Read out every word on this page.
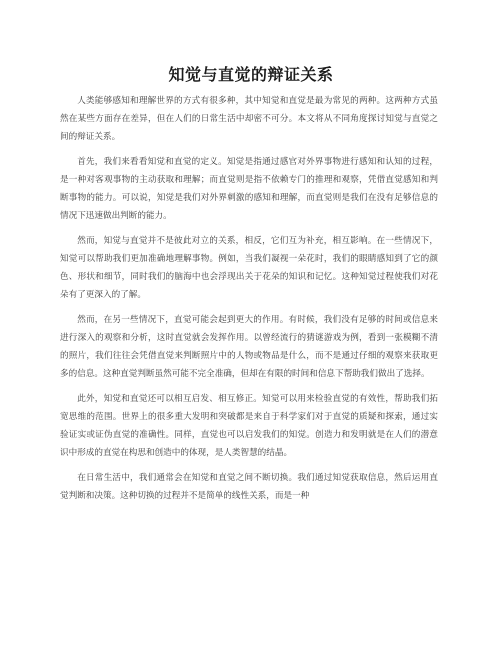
知觉与直觉的辩证关系

人类能够感知和理解世界的方式有很多种，其中知觉和直觉是最为常见的两种。这两种方式虽然在某些方面存在差异，但在人们的日常生活中却密不可分。本文将从不同角度探讨知觉与直觉之间的辩证关系。

首先，我们来看看知觉和直觉的定义。知觉是指通过感官对外界事物进行感知和认知的过程，是一种对客观事物的主动获取和理解；而直觉则是指不依赖专门的推理和观察，凭借直觉感知和判断事物的能力。可以说，知觉是我们对外界刺激的感知和理解，而直觉则是我们在没有足够信息的情况下迅速做出判断的能力。

然而，知觉与直觉并不是彼此对立的关系，相反，它们互为补充，相互影响。在一些情况下，知觉可以帮助我们更加准确地理解事物。例如，当我们凝视一朵花时，我们的眼睛感知到了它的颜色、形状和细节，同时我们的脑海中也会浮现出关于花朵的知识和记忆。这种知觉过程使我们对花朵有了更深入的了解。

然而，在另一些情况下，直觉可能会起到更大的作用。有时候，我们没有足够的时间或信息来进行深入的观察和分析，这时直觉就会发挥作用。以曾经流行的猜谜游戏为例，看到一张模糊不清的照片，我们往往会凭借直觉来判断照片中的人物或物品是什么，而不是通过仔细的观察来获取更多的信息。这种直觉判断虽然可能不完全准确，但却在有限的时间和信息下帮助我们做出了选择。

此外，知觉和直觉还可以相互启发、相互修正。知觉可以用来检验直觉的有效性，帮助我们拓宽思维的范围。世界上的很多重大发明和突破都是来自于科学家们对于直觉的质疑和探索，通过实验证实或证伪直觉的准确性。同样，直觉也可以启发我们的知觉。创造力和发明就是在人们的潜意识中形成的直觉在构思和创造中的体现，是人类智慧的结晶。

在日常生活中，我们通常会在知觉和直觉之间不断切换。我们通过知觉获取信息，然后运用直觉判断和决策。这种切换的过程并不是简单的线性关系，而是一种
